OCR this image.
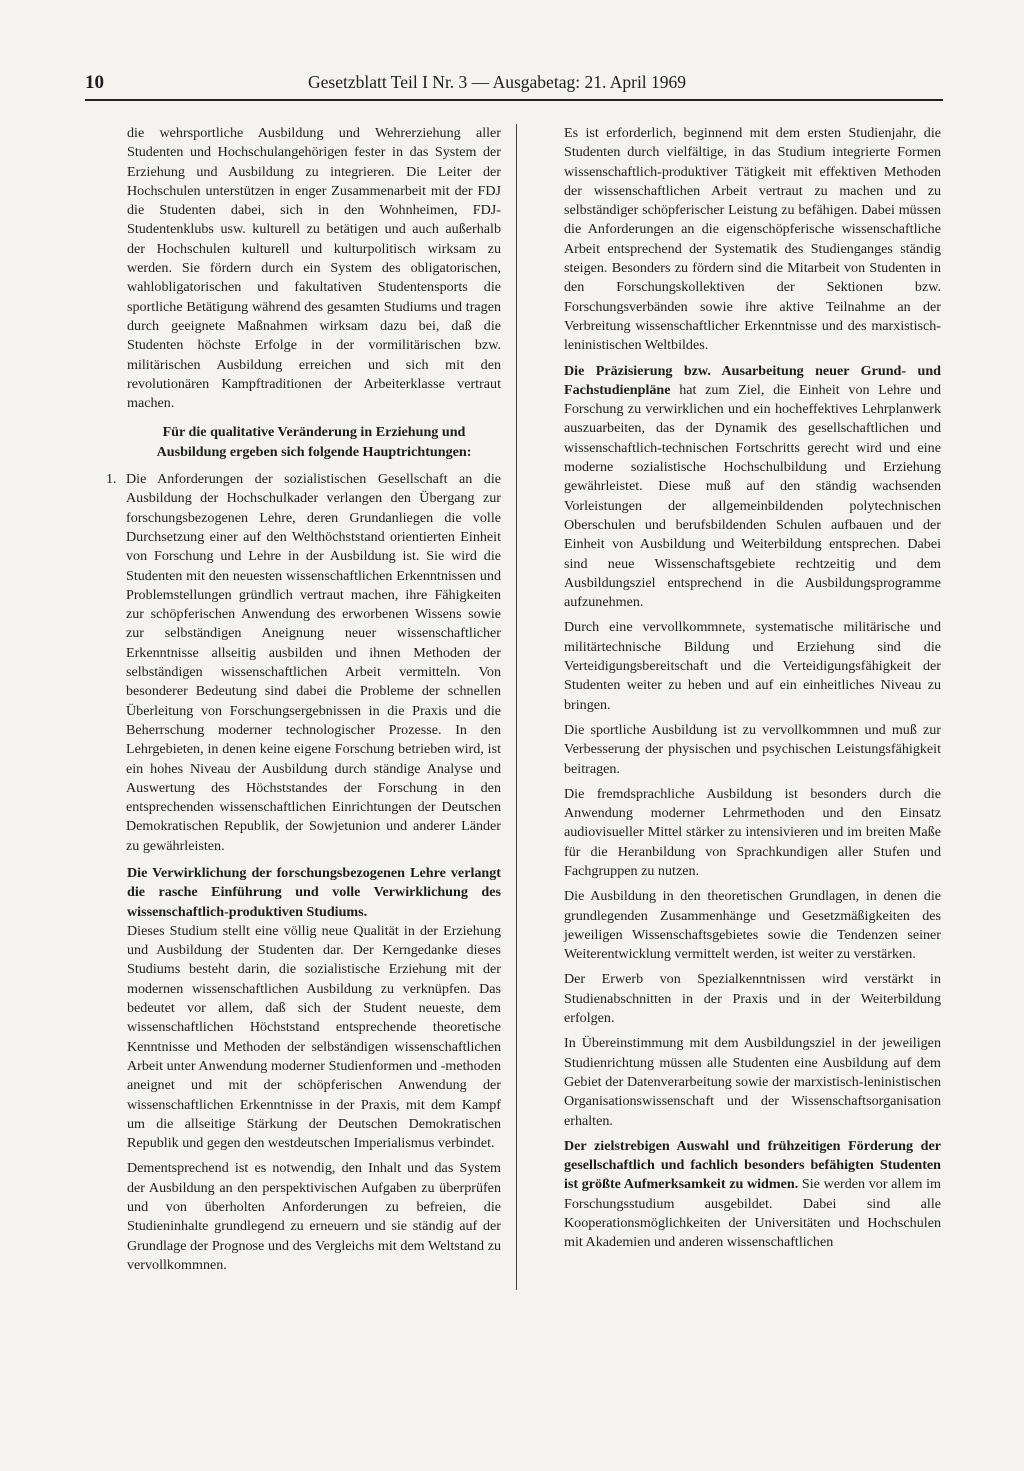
10	Gesetzblatt Teil I Nr. 3 — Ausgabetag: 21. April 1969

die wehrsportliche Ausbildung und Wehrerziehung aller Studenten und Hochschulangehörigen fester in das System der Erziehung und Ausbildung zu integrieren. Die Leiter der Hochschulen unterstützen in enger Zusammenarbeit mit der FDJ die Studenten dabei, sich in den Wohnheimen, FDJ-Studentenklubs usw. kulturell zu betätigen und auch außerhalb der Hochschulen kulturell und kulturpolitisch wirksam zu werden. Sie fördern durch ein System des obligatorischen, wahlobligatorischen und fakultativen Studentensports die sportliche Betätigung während des gesamten Studiums und tragen durch geeignete Maßnahmen wirksam dazu bei, daß die Studenten höchste Erfolge in der vormilitärischen bzw. militärischen Ausbildung erreichen und sich mit den revolutionären Kampftraditionen der Arbeiterklasse vertraut machen.

Für die qualitative Veränderung in Erziehung und Ausbildung ergeben sich folgende Hauptrichtungen:

1. Die Anforderungen der sozialistischen Gesellschaft an die Ausbildung der Hochschulkader verlangen den Übergang zur forschungsbezogenen Lehre, deren Grundanliegen die volle Durchsetzung einer auf den Welthöchststand orientierten Einheit von Forschung und Lehre in der Ausbildung ist. Sie wird die Studenten mit den neuesten wissenschaftlichen Erkenntnissen und Problemstellungen gründlich vertraut machen, ihre Fähigkeiten zur schöpferischen Anwendung des erworbenen Wissens sowie zur selbständigen Aneignung neuer wissenschaftlicher Erkenntnisse allseitig ausbilden und ihnen Methoden der selbständigen wissenschaftlichen Arbeit vermitteln. Von besonderer Bedeutung sind dabei die Probleme der schnellen Überleitung von Forschungsergebnissen in die Praxis und die Beherrschung moderner technologischer Prozesse. In den Lehrgebieten, in denen keine eigene Forschung betrieben wird, ist ein hohes Niveau der Ausbildung durch ständige Analyse und Auswertung des Höchststandes der Forschung in den entsprechenden wissenschaftlichen Einrichtungen der Deutschen Demokratischen Republik, der Sowjetunion und anderer Länder zu gewährleisten.

Die Verwirklichung der forschungsbezogenen Lehre verlangt die rasche Einführung und volle Verwirklichung des wissenschaftlich-produktiven Studiums.
Dieses Studium stellt eine völlig neue Qualität in der Erziehung und Ausbildung der Studenten dar. Der Kerngedanke dieses Studiums besteht darin, die sozialistische Erziehung mit der modernen wissenschaftlichen Ausbildung zu verknüpfen. Das bedeutet vor allem, daß sich der Student neueste, dem wissenschaftlichen Höchststand entsprechende theoretische Kenntnisse und Methoden der selbständigen wissenschaftlichen Arbeit unter Anwendung moderner Studienformen und -methoden aneignet und mit der schöpferischen Anwendung der wissenschaftlichen Erkenntnisse in der Praxis, mit dem Kampf um die allseitige Stärkung der Deutschen Demokratischen Republik und gegen den westdeutschen Imperialismus verbindet.

Dementsprechend ist es notwendig, den Inhalt und das System der Ausbildung an den perspektivischen Aufgaben zu überprüfen und von überholten Anforderungen zu befreien, die Studieninhalte grundlegend zu erneuern und sie ständig auf der Grundlage der Prognose und des Vergleichs mit dem Weltstand zu vervollkommnen.

Es ist erforderlich, beginnend mit dem ersten Studienjahr, die Studenten durch vielfältige, in das Studium integrierte Formen wissenschaftlich-produktiver Tätigkeit mit effektiven Methoden der wissenschaftlichen Arbeit vertraut zu machen und zu selbständiger schöpferischer Leistung zu befähigen. Dabei müssen die Anforderungen an die eigenschöpferische wissenschaftliche Arbeit entsprechend der Systematik des Studienganges ständig steigen. Besonders zu fördern sind die Mitarbeit von Studenten in den Forschungskollektiven der Sektionen bzw. Forschungsverbänden sowie ihre aktive Teilnahme an der Verbreitung wissenschaftlicher Erkenntnisse und des marxistisch-leninistischen Weltbildes.

Die Präzisierung bzw. Ausarbeitung neuer Grund- und Fachstudienpläne hat zum Ziel, die Einheit von Lehre und Forschung zu verwirklichen und ein hocheffektives Lehrplanwerk auszuarbeiten, das der Dynamik des gesellschaftlichen und wissenschaftlich-technischen Fortschritts gerecht wird und eine moderne sozialistische Hochschulbildung und Erziehung gewährleistet. Diese muß auf den ständig wachsenden Vorleistungen der allgemeinbildenden polytechnischen Oberschulen und berufsbildenden Schulen aufbauen und der Einheit von Ausbildung und Weiterbildung entsprechen. Dabei sind neue Wissenschaftsgebiete rechtzeitig und dem Ausbildungsziel entsprechend in die Ausbildungsprogramme aufzunehmen.

Durch eine vervollkommnete, systematische militärische und militärtechnische Bildung und Erziehung sind die Verteidigungsbereitschaft und die Verteidigungsfähigkeit der Studenten weiter zu heben und auf ein einheitliches Niveau zu bringen.

Die sportliche Ausbildung ist zu vervollkommnen und muß zur Verbesserung der physischen und psychischen Leistungsfähigkeit beitragen.

Die fremdsprachliche Ausbildung ist besonders durch die Anwendung moderner Lehrmethoden und den Einsatz audiovisueller Mittel stärker zu intensivieren und im breiten Maße für die Heranbildung von Sprachkundigen aller Stufen und Fachgruppen zu nutzen.

Die Ausbildung in den theoretischen Grundlagen, in denen die grundlegenden Zusammenhänge und Gesetzmäßigkeiten des jeweiligen Wissenschaftsgebietes sowie die Tendenzen seiner Weiterentwicklung vermittelt werden, ist weiter zu verstärken.

Der Erwerb von Spezialkenntnissen wird verstärkt in Studienabschnitten in der Praxis und in der Weiterbildung erfolgen.

In Übereinstimmung mit dem Ausbildungsziel in der jeweiligen Studienrichtung müssen alle Studenten eine Ausbildung auf dem Gebiet der Datenverarbeitung sowie der marxistisch-leninistischen Organisationswissenschaft und der Wissenschaftsorganisation erhalten.

Der zielstrebigen Auswahl und frühzeitigen Förderung der gesellschaftlich und fachlich besonders befähigten Studenten ist größte Aufmerksamkeit zu widmen. Sie werden vor allem im Forschungsstudium ausgebildet. Dabei sind alle Kooperationsmöglichkeiten der Universitäten und Hochschulen mit Akademien und anderen wissenschaftlichen
